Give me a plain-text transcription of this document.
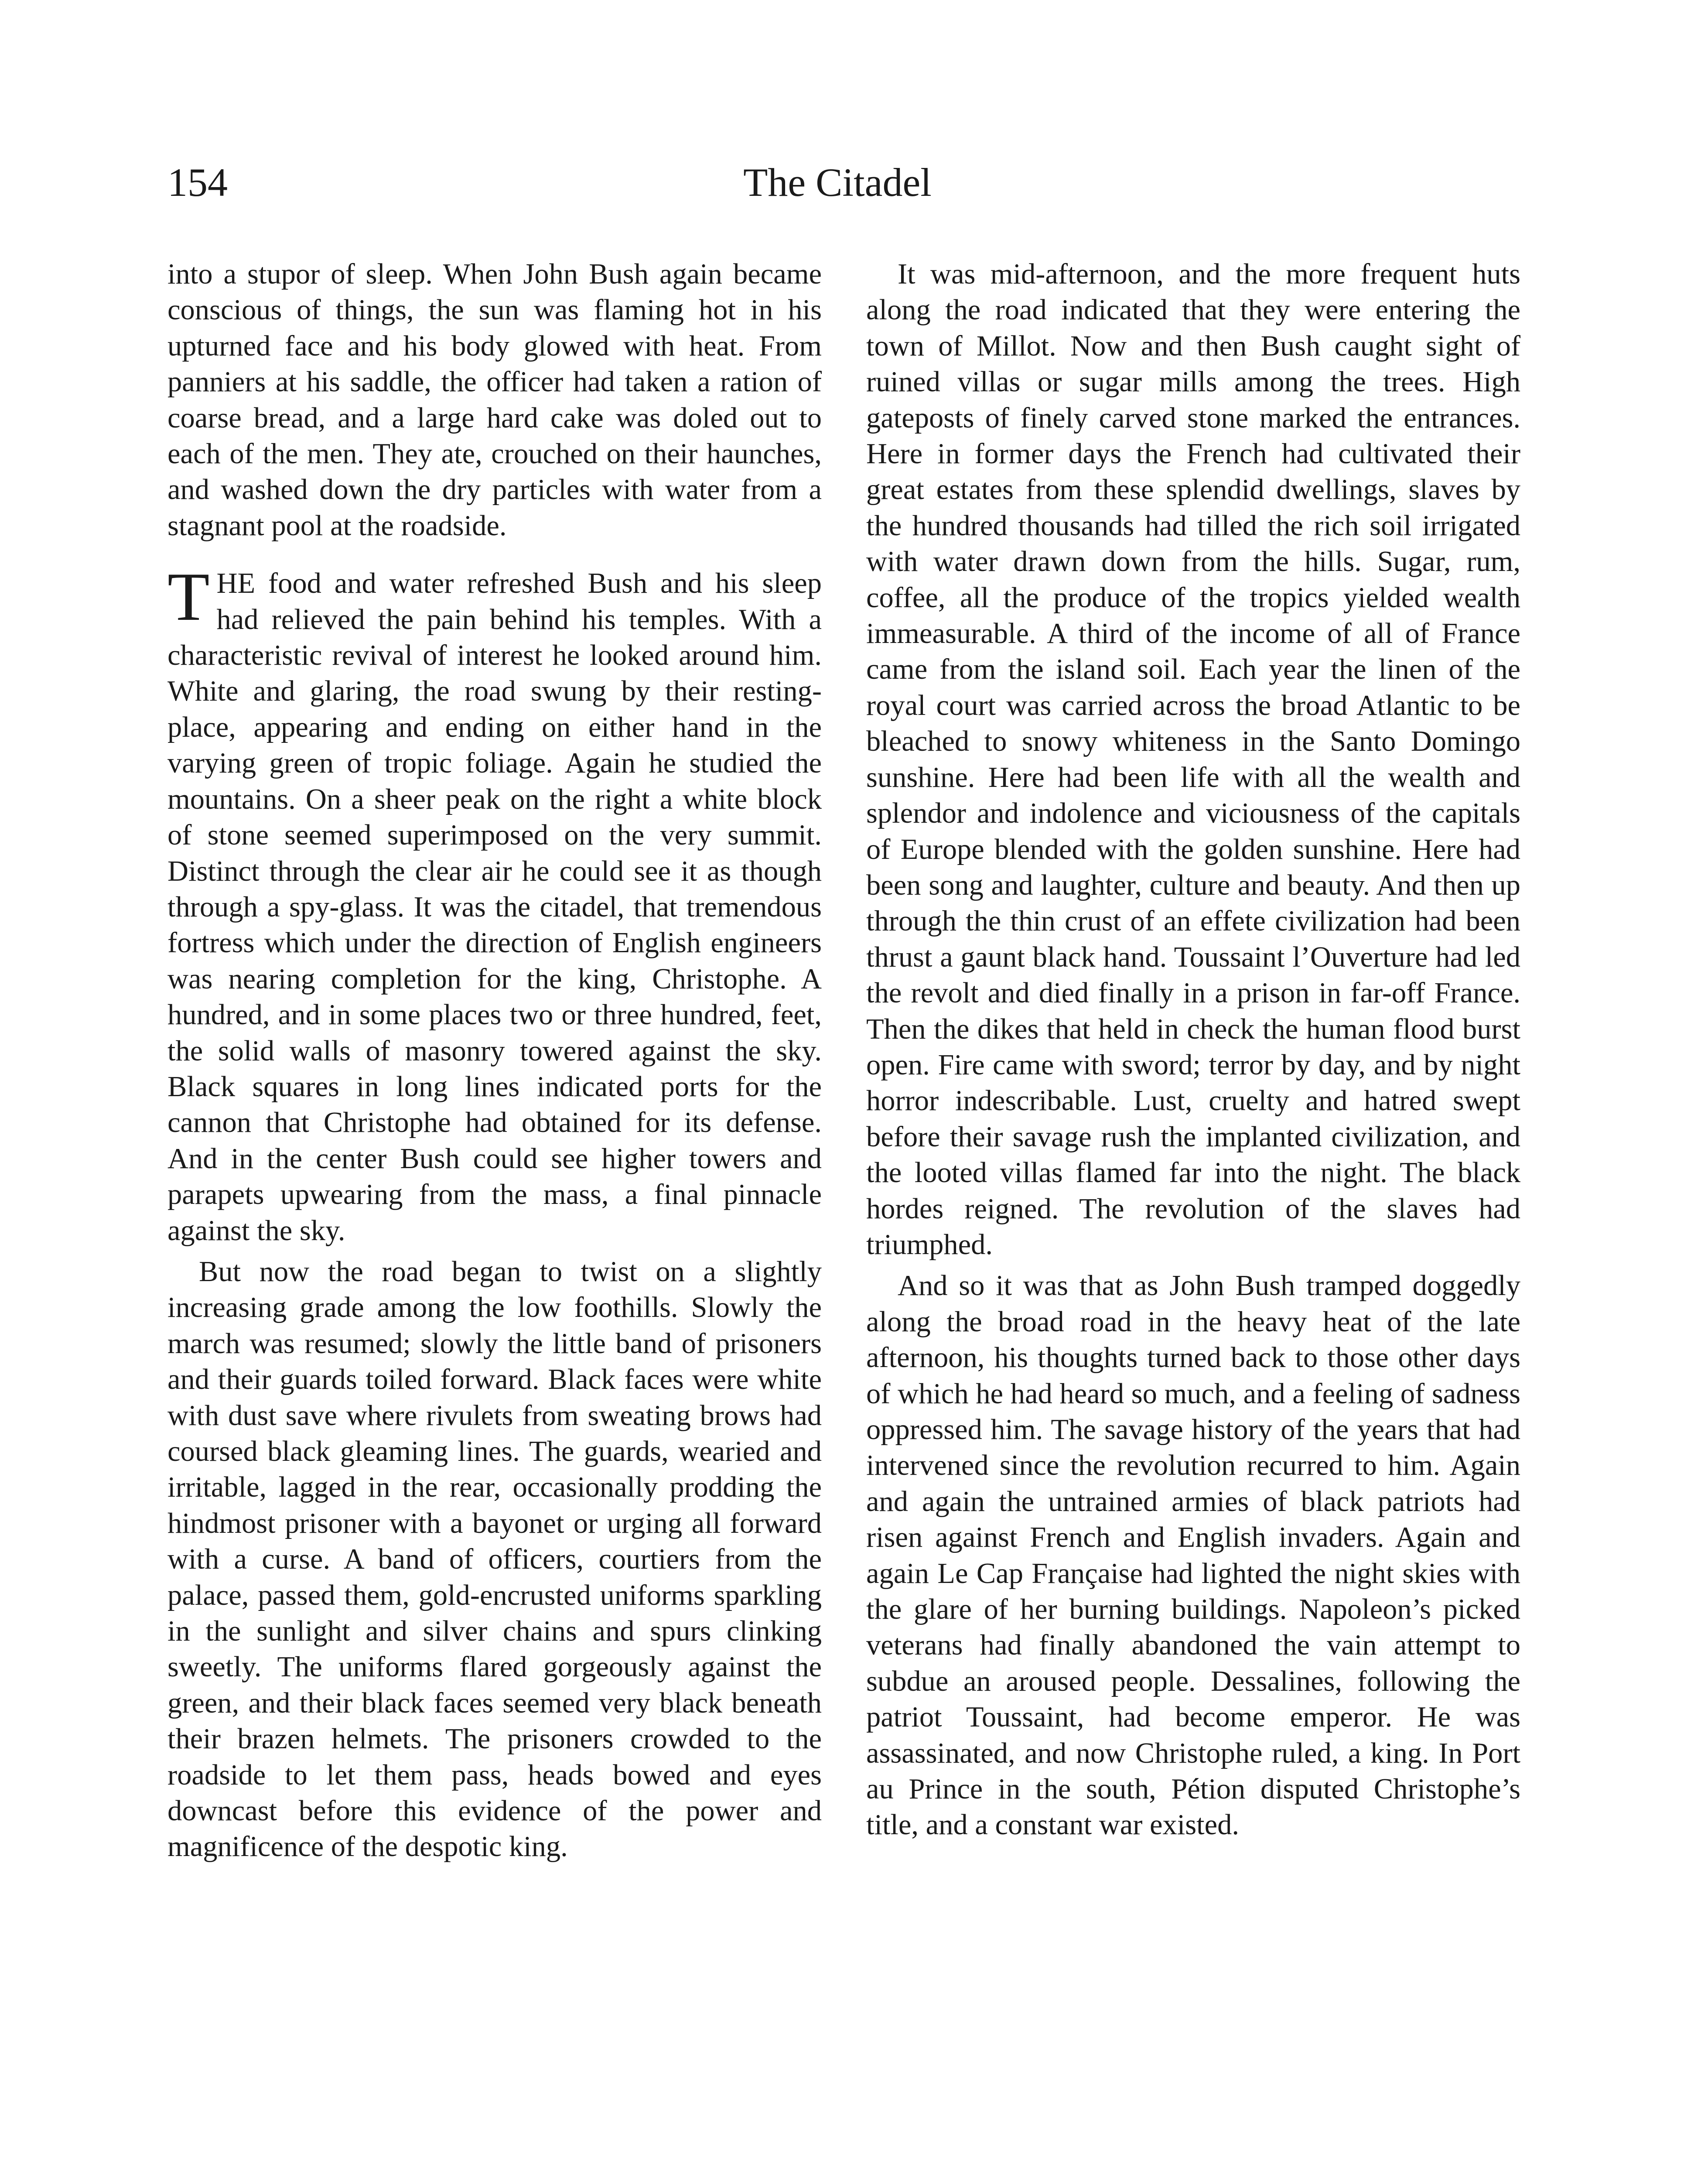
154	The Citadel

into a stupor of sleep. When John Bush again became conscious of things, the sun was flaming hot in his upturned face and his body glowed with heat. From panniers at his saddle, the officer had taken a ration of coarse bread, and a large hard cake was doled out to each of the men. They ate, crouched on their haunches, and washed down the dry particles with water from a stagnant pool at the roadside.

THE food and water refreshed Bush and his sleep had relieved the pain behind his temples. With a characteristic revival of interest he looked around him. White and glaring, the road swung by their resting-place, appearing and ending on either hand in the varying green of tropic foliage. Again he studied the mountains. On a sheer peak on the right a white block of stone seemed superimposed on the very summit. Distinct through the clear air he could see it as though through a spy-glass. It was the citadel, that tremendous fortress which under the direction of English engineers was nearing completion for the king, Christophe. A hundred, and in some places two or three hundred, feet, the solid walls of masonry towered against the sky. Black squares in long lines indicated ports for the cannon that Christophe had obtained for its defense. And in the center Bush could see higher towers and parapets upwearing from the mass, a final pinnacle against the sky.

But now the road began to twist on a slightly increasing grade among the low foothills. Slowly the march was resumed; slowly the little band of prisoners and their guards toiled forward. Black faces were white with dust save where rivulets from sweating brows had coursed black gleaming lines. The guards, wearied and irritable, lagged in the rear, occasionally prodding the hindmost prisoner with a bayonet or urging all forward with a curse. A band of officers, courtiers from the palace, passed them, gold-encrusted uniforms sparkling in the sunlight and silver chains and spurs clinking sweetly. The uniforms flared gorgeously against the green, and their black faces seemed very black beneath their brazen helmets. The prisoners crowded to the roadside to let them pass, heads bowed and eyes downcast before this evidence of the power and magnificence of the despotic king.

It was mid-afternoon, and the more frequent huts along the road indicated that they were entering the town of Millot. Now and then Bush caught sight of ruined villas or sugar mills among the trees. High gateposts of finely carved stone marked the entrances. Here in former days the French had cultivated their great estates from these splendid dwellings, slaves by the hundred thousands had tilled the rich soil irrigated with water drawn down from the hills. Sugar, rum, coffee, all the produce of the tropics yielded wealth immeasurable. A third of the income of all of France came from the island soil. Each year the linen of the royal court was carried across the broad Atlantic to be bleached to snowy whiteness in the Santo Domingo sunshine. Here had been life with all the wealth and splendor and indolence and viciousness of the capitals of Europe blended with the golden sunshine. Here had been song and laughter, culture and beauty. And then up through the thin crust of an effete civilization had been thrust a gaunt black hand. Toussaint l’Ouverture had led the revolt and died finally in a prison in far-off France. Then the dikes that held in check the human flood burst open. Fire came with sword; terror by day, and by night horror indescribable. Lust, cruelty and hatred swept before their savage rush the implanted civilization, and the looted villas flamed far into the night. The black hordes reigned. The revolution of the slaves had triumphed.

And so it was that as John Bush tramped doggedly along the broad road in the heavy heat of the late afternoon, his thoughts turned back to those other days of which he had heard so much, and a feeling of sadness oppressed him. The savage history of the years that had intervened since the revolution recurred to him. Again and again the untrained armies of black patriots had risen against French and English invaders. Again and again Le Cap Française had lighted the night skies with the glare of her burning buildings. Napoleon’s picked veterans had finally abandoned the vain attempt to subdue an aroused people. Dessalines, following the patriot Toussaint, had become emperor. He was assassinated, and now Christophe ruled, a king. In Port au Prince in the south, Pétion disputed Christophe’s title, and a constant war existed.
